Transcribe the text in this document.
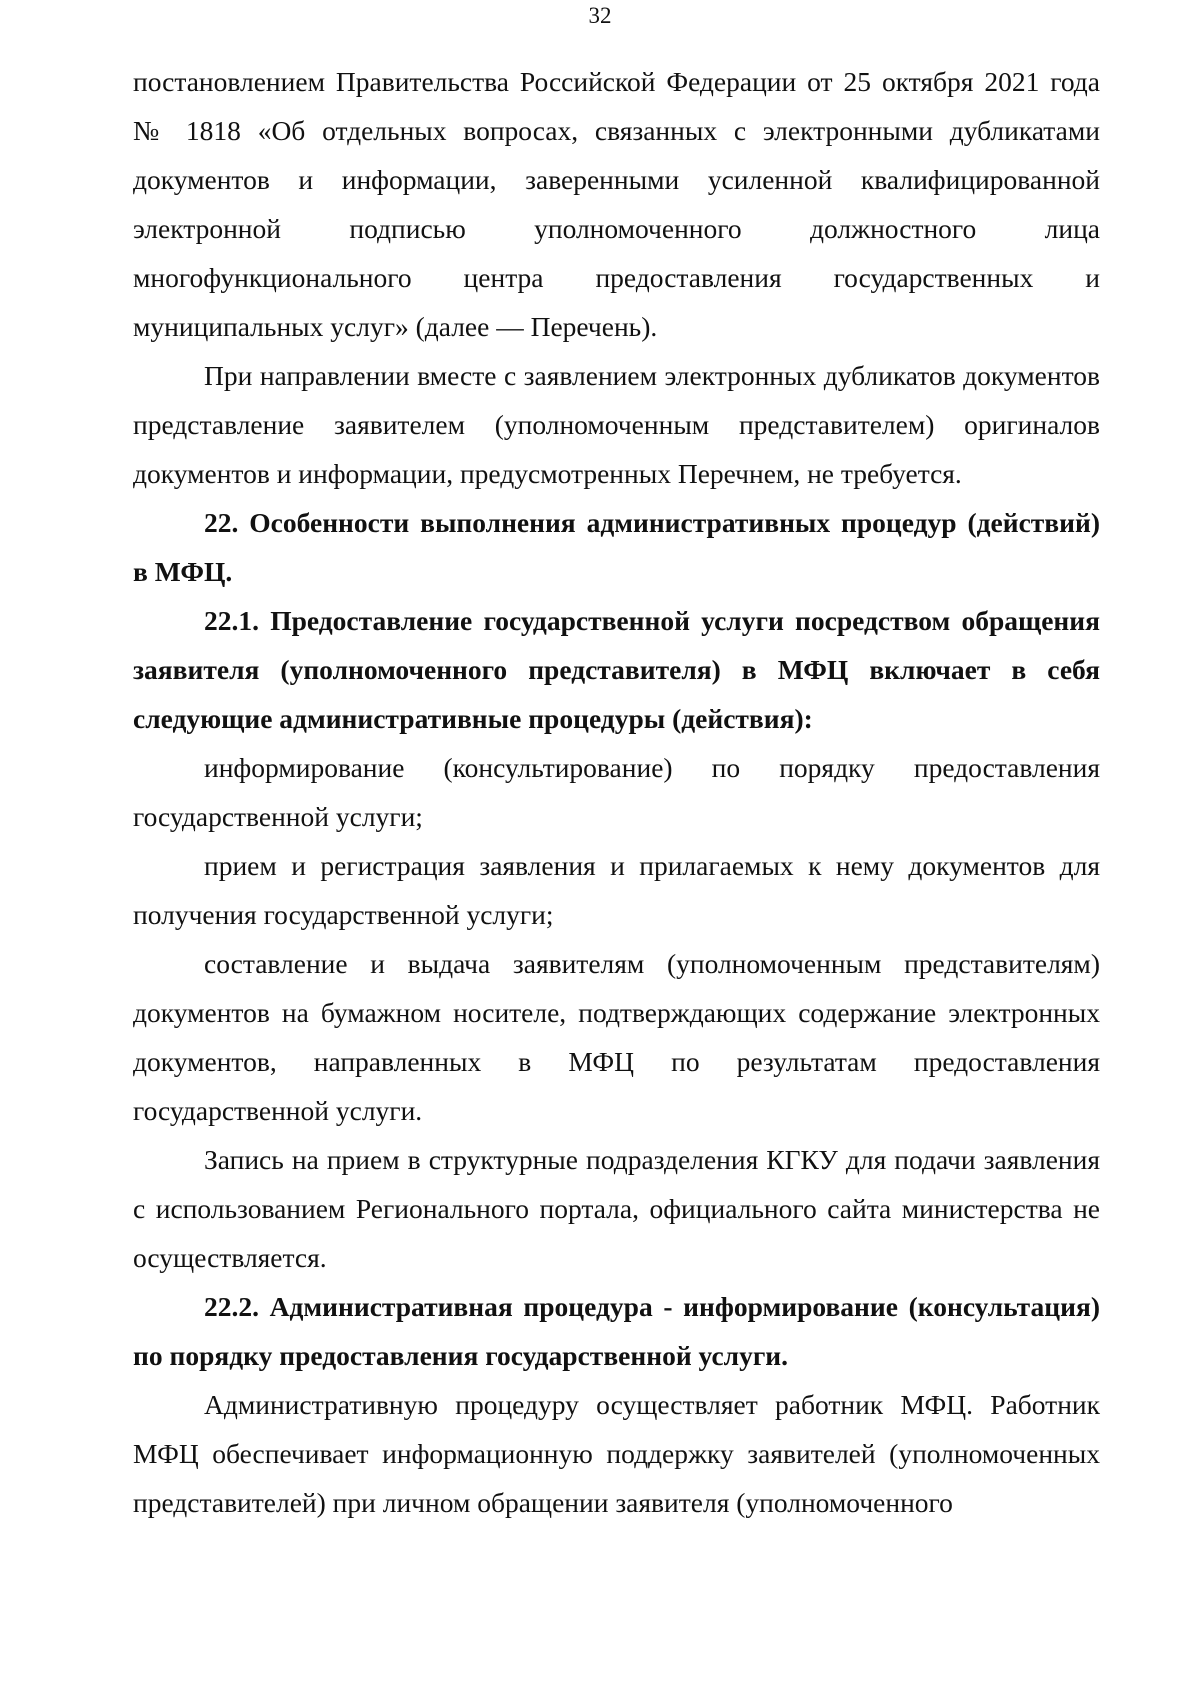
32

постановлением Правительства Российской Федерации от 25 октября 2021 года № 1818 «Об отдельных вопросах, связанных с электронными дубликатами документов и информации, заверенными усиленной квалифицированной электронной подписью уполномоченного должностного лица многофункционального центра предоставления государственных и муниципальных услуг» (далее — Перечень).

При направлении вместе с заявлением электронных дубликатов документов представление заявителем (уполномоченным представителем) оригиналов документов и информации, предусмотренных Перечнем, не требуется.

22. Особенности выполнения административных процедур (действий) в МФЦ.

22.1. Предоставление государственной услуги посредством обращения заявителя (уполномоченного представителя) в МФЦ включает в себя следующие административные процедуры (действия):

информирование (консультирование) по порядку предоставления государственной услуги;

прием и регистрация заявления и прилагаемых к нему документов для получения государственной услуги;

составление и выдача заявителям (уполномоченным представителям) документов на бумажном носителе, подтверждающих содержание электронных документов, направленных в МФЦ по результатам предоставления государственной услуги.

Запись на прием в структурные подразделения КГКУ для подачи заявления с использованием Регионального портала, официального сайта министерства не осуществляется.

22.2. Административная процедура - информирование (консультация) по порядку предоставления государственной услуги.

Административную процедуру осуществляет работник МФЦ. Работник МФЦ обеспечивает информационную поддержку заявителей (уполномоченных представителей) при личном обращении заявителя (уполномоченного
